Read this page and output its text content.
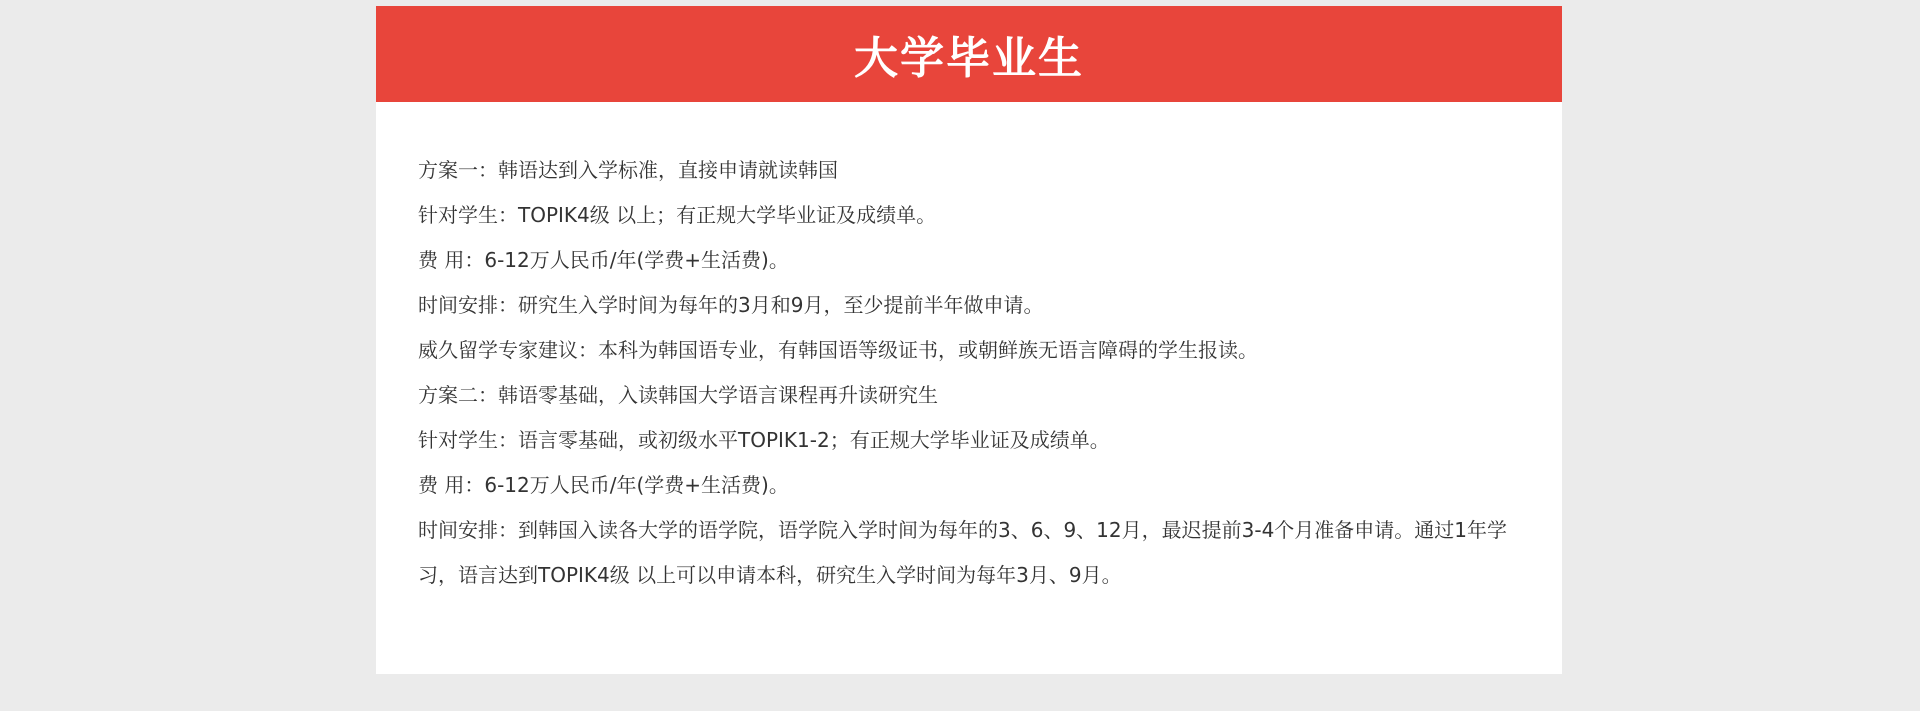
大学毕业生
方案一：韩语达到入学标准，直接申请就读韩国
针对学生：TOPIK4级 以上；有正规大学毕业证及成绩单。
费 用：6-12万人民币/年(学费+生活费)。
时间安排：研究生入学时间为每年的3月和9月，至少提前半年做申请。
威久留学专家建议：本科为韩国语专业，有韩国语等级证书，或朝鲜族无语言障碍的学生报读。
方案二：韩语零基础，入读韩国大学语言课程再升读研究生
针对学生：语言零基础，或初级水平TOPIK1-2；有正规大学毕业证及成绩单。
费 用：6-12万人民币/年(学费+生活费)。
时间安排：到韩国入读各大学的语学院，语学院入学时间为每年的3、6、9、12月，最迟提前3-4个月准备申请。通过1年学习，语言达到TOPIK4级 以上可以申请本科，研究生入学时间为每年3月、9月。
